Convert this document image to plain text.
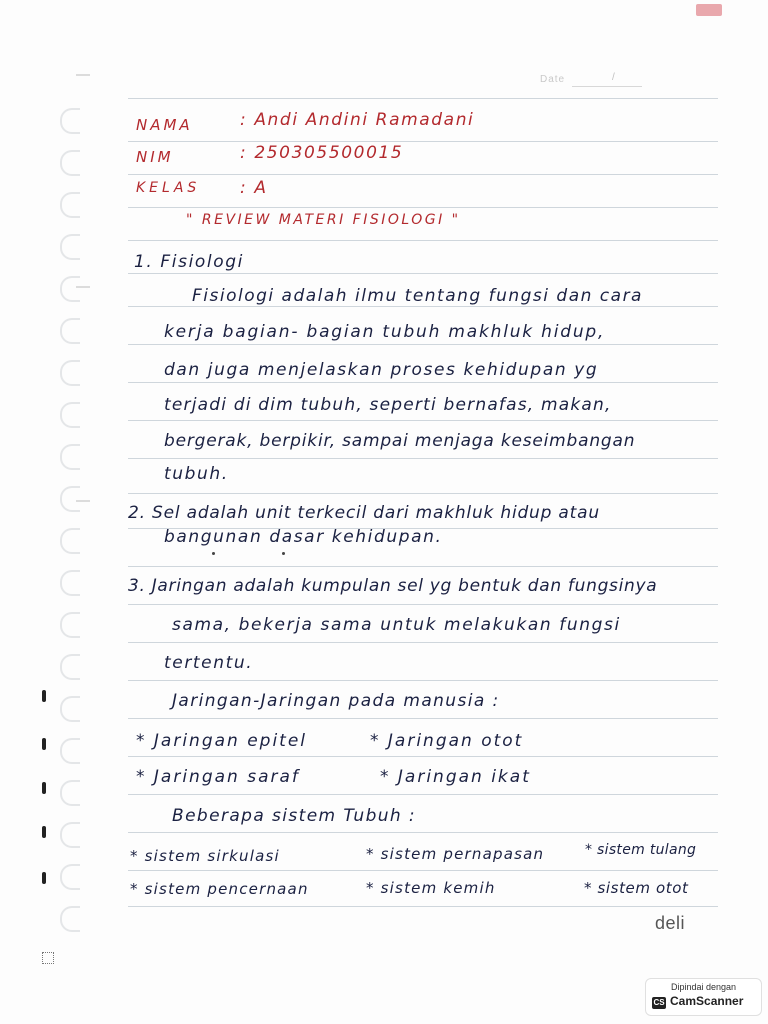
Date	/
NAMA	: Andi Andini Ramadani
NIM	: 250305500015
KELAS : A
" REVIEW MATERI FISIOLOGI "
1. Fisiologi
Fisiologi adalah ilmu tentang fungsi dan cara
kerja bagian- bagian tubuh makhluk hidup,
dan juga menjelaskan proses kehidupan yg
terjadi di dim tubuh, seperti bernafas, makan,
bergerak, berpikir, sampai menjaga keseimbangan
tubuh.
2. Sel adalah unit terkecil dari makhluk hidup atau
bangunan dasar kehidupan.
3. Jaringan adalah kumpulan sel yg bentuk dan fungsinya
sama, bekerja sama untuk melakukan fungsi
tertentu.
Jaringan-Jaringan pada manusia :
* Jaringan epitel	* Jaringan otot
* Jaringan saraf	* Jaringan ikat
Beberapa sistem Tubuh :
* sistem sirkulasi	* sistem pernapasan	* sistem tulang
* sistem pencernaan	* sistem kemih	* sistem otot
deli
Dipindai dengan
CS CamScanner
